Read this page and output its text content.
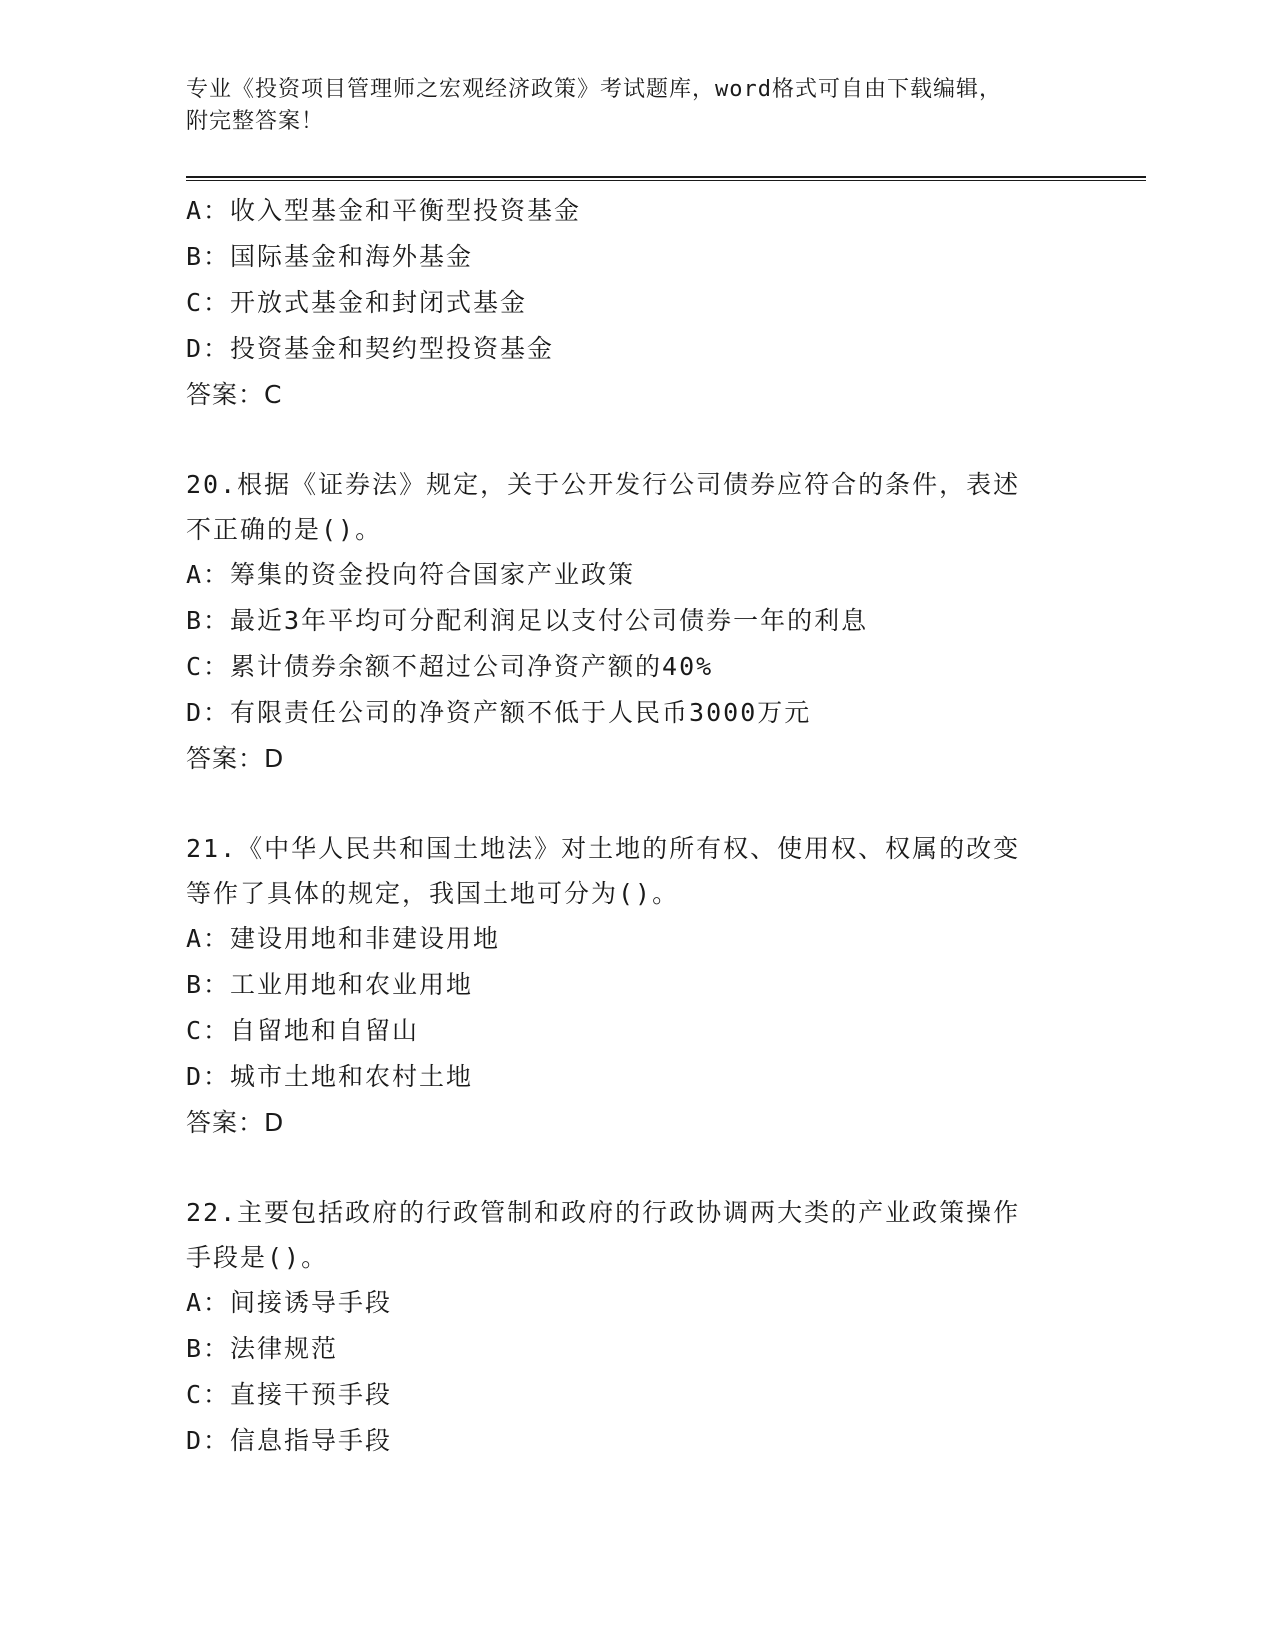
专业《投资项目管理师之宏观经济政策》考试题库，word格式可自由下载编辑，
附完整答案！
A：收入型基金和平衡型投资基金
B：国际基金和海外基金
C：开放式基金和封闭式基金
D：投资基金和契约型投资基金
答案：C
20.根据《证券法》规定，关于公开发行公司债券应符合的条件，表述
不正确的是()。
A：筹集的资金投向符合国家产业政策
B：最近3年平均可分配利润足以支付公司债券一年的利息
C：累计债券余额不超过公司净资产额的40%
D：有限责任公司的净资产额不低于人民币3000万元
答案：D
21.《中华人民共和国土地法》对土地的所有权、使用权、权属的改变
等作了具体的规定，我国土地可分为()。
A：建设用地和非建设用地
B：工业用地和农业用地
C：自留地和自留山
D：城市土地和农村土地
答案：D
22.主要包括政府的行政管制和政府的行政协调两大类的产业政策操作
手段是()。
A：间接诱导手段
B：法律规范
C：直接干预手段
D：信息指导手段
